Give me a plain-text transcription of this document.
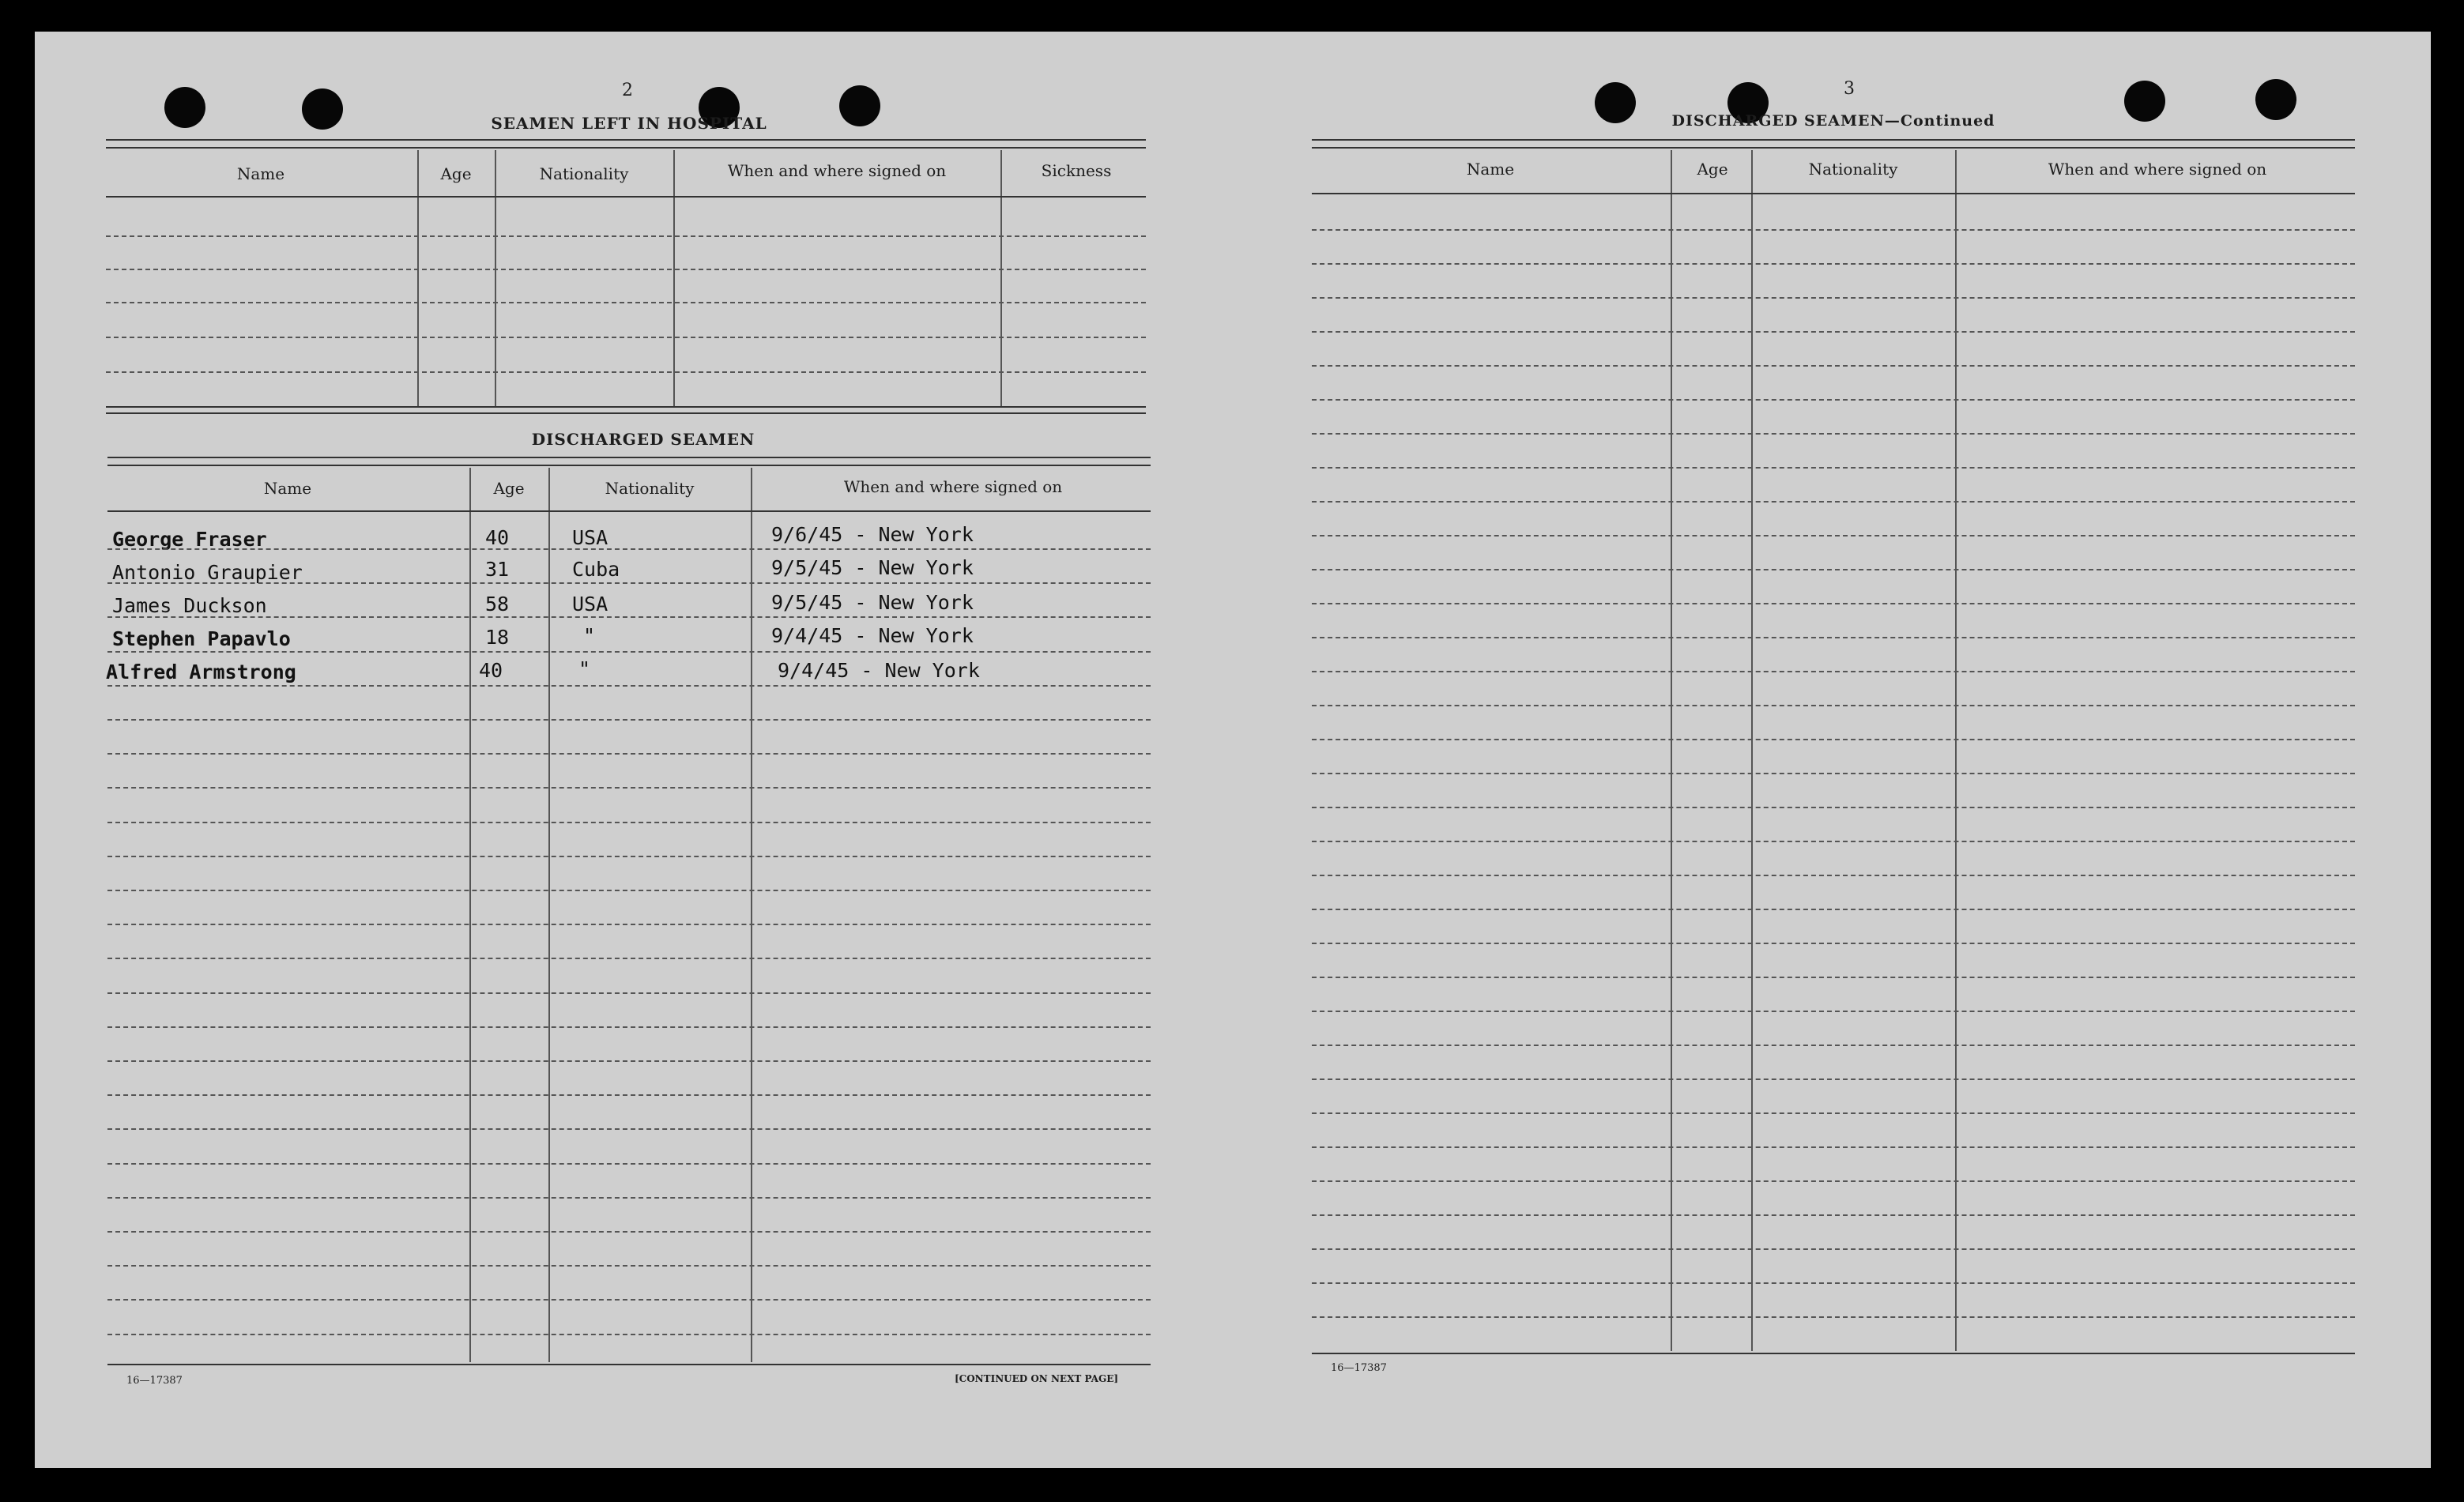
2

SEAMEN LEFT IN HOSPITAL

Name	Age	Nationality	When and where signed on	Sickness

DISCHARGED SEAMEN

Name	Age	Nationality	When and where signed on
George Fraser	40	USA	9/6/45 - New York
Antonio Graupier	31	Cuba	9/5/45 - New York
James Duckson	58	USA	9/5/45 - New York
Stephen Papavlo	18	"	9/4/45 - New York
Alfred Armstrong	40	"	9/4/45 - New York

16—17387	[CONTINUED ON NEXT PAGE]

3

DISCHARGED SEAMEN—Continued

Name	Age	Nationality	When and where signed on

16—17387
